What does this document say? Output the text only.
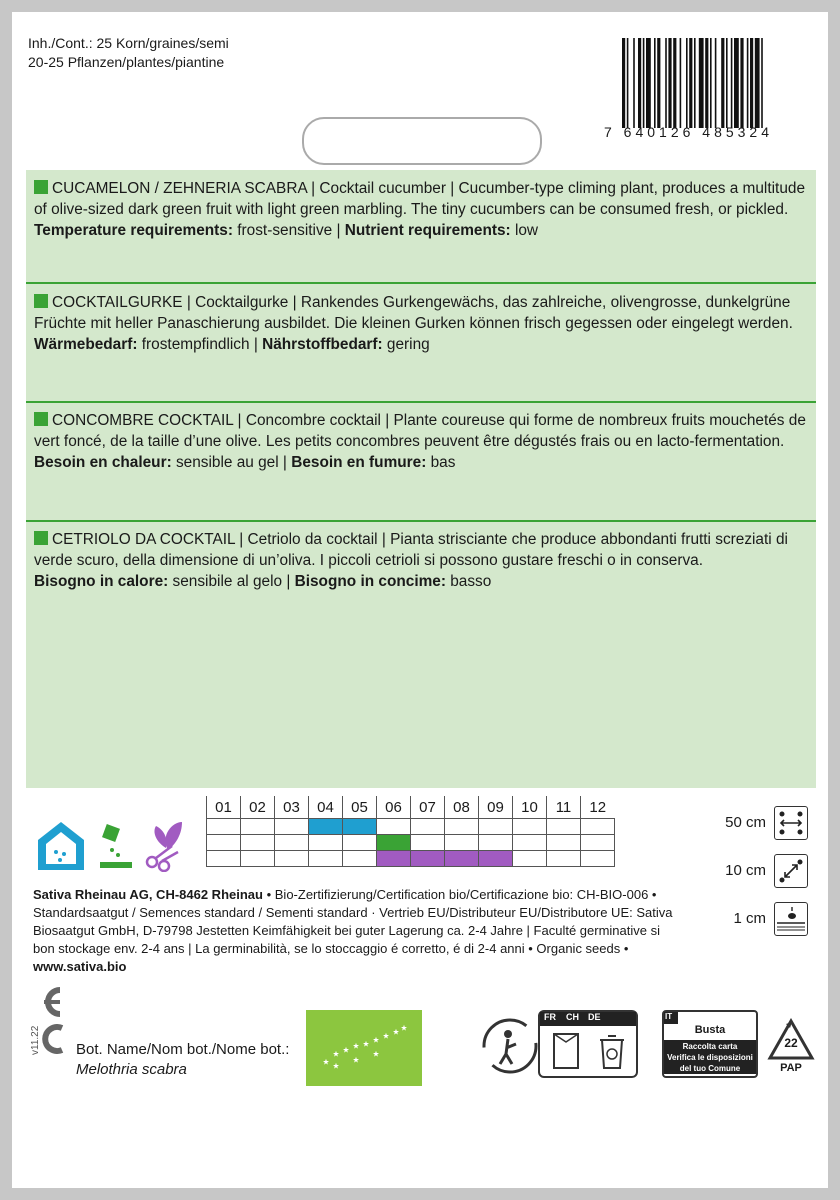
Inh./Cont.: 25 Korn/graines/semi
20-25 Pflanzen/plantes/piantine
7 640126 485324

CUCAMELON / ZEHNERIA SCABRA | Cocktail cucumber | Cucumber-type climing plant, produces a multitude of olive-sized dark green fruit with light green marbling. The tiny cucumbers can be consumed fresh, or pickled.

Temperature requirements: frost-sensitive | Nutrient requirements: low

COCKTAILGURKE | Cocktailgurke | Rankendes Gurkengewächs, das zahlreiche, olivengrosse, dunkelgrüne Früchte mit heller Panaschierung ausbildet. Die kleinen Gurken können frisch gegessen oder eingelegt werden.

Wärmebedarf: frostempfindlich | Nährstoffbedarf: gering

CONCOMBRE COCKTAIL | Concombre cocktail | Plante coureuse qui forme de nombreux fruits mouchetés de vert foncé, de la taille d’une olive. Les petits concombres peuvent être dégustés frais ou en lacto-fermentation.

Besoin en chaleur: sensible au gel | Besoin en fumure: bas

CETRIOLO DA COCKTAIL | Cetriolo da cocktail | Pianta strisciante che produce abbondanti frutti screziati di verde scuro, della dimensione di un’oliva. I piccoli cetrioli si possono gustare freschi o in conserva.

Bisogno in calore: sensibile al gelo | Bisogno in concime: basso

01	02	03	04	05	06	07	08	09	10	11	12

50 cm
10 cm
1 cm
Sativa Rheinau AG, CH-8462 Rheinau • Bio-Zertifizierung/Certification bio/Certificazione bio: CH-BIO-006 • Standardsaatgut / Semences standard / Sementi standard · Vertrieb EU/Distributeur EU/Distributore UE: Sativa Biosaatgut GmbH, D-79798 Jestetten Keimfähigkeit bei guter Lagerung ca. 2-4 Jahre | Faculté germinative si bon stockage env. 2-4 ans | La germinabilità, se lo stoccaggio é corretto, é di 2-4 anni • Organic seeds • www.sativa.bio
v11.22 Bot. Name/Nom bot./Nome bot.:
Melothria scabra
FR CH DE	IT
Busta
Raccolta carta
Verifica le disposizioni
del tuo Comune
22
PAP
